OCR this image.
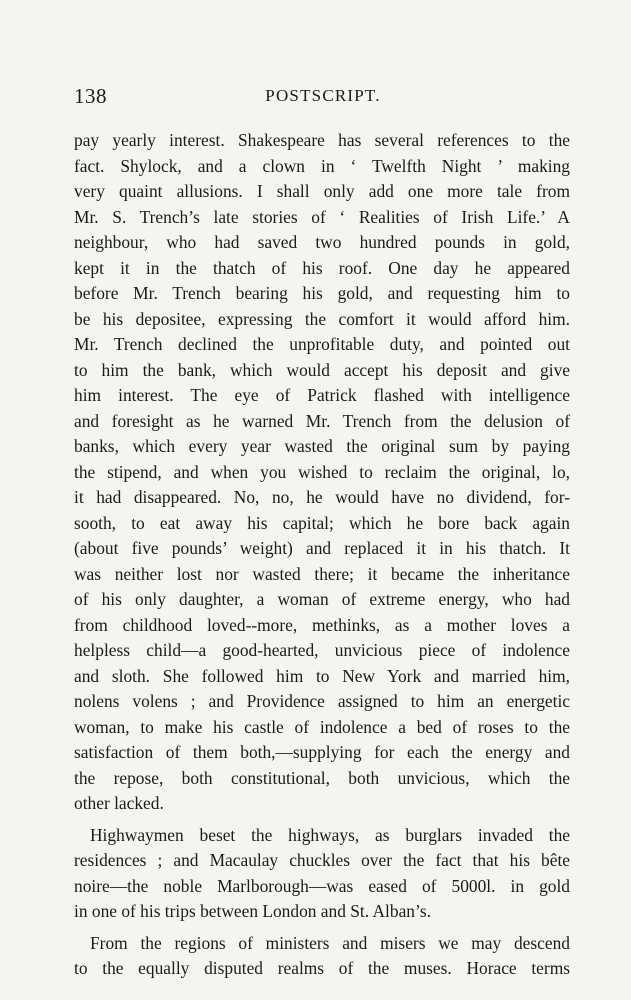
138	POSTSCRIPT.
pay yearly interest. Shakespeare has several references to the
fact. Shylock, and a clown in ‘ Twelfth Night ’ making
very quaint allusions. I shall only add one more tale from
Mr. S. Trench’s late stories of ‘ Realities of Irish Life.’ A
neighbour, who had saved two hundred pounds in gold,
kept it in the thatch of his roof. One day he appeared
before Mr. Trench bearing his gold, and requesting him to
be his depositee, expressing the comfort it would afford him.
Mr. Trench declined the unprofitable duty, and pointed out
to him the bank, which would accept his deposit and give
him interest. The eye of Patrick flashed with intelligence
and foresight as he warned Mr. Trench from the delusion of
banks, which every year wasted the original sum by paying
the stipend, and when you wished to reclaim the original, lo,
it had disappeared. No, no, he would have no dividend, for-
sooth, to eat away his capital; which he bore back again
(about five pounds’ weight) and replaced it in his thatch. It
was neither lost nor wasted there; it became the inheritance
of his only daughter, a woman of extreme energy, who had
from childhood loved--more, methinks, as a mother loves a
helpless child—a good-hearted, unvicious piece of indolence
and sloth. She followed him to New York and married him,
nolens volens ; and Providence assigned to him an energetic
woman, to make his castle of indolence a bed of roses to the
satisfaction of them both,—supplying for each the energy and
the repose, both constitutional, both unvicious, which the
other lacked.
Highwaymen beset the highways, as burglars invaded the
residences ; and Macaulay chuckles over the fact that his bête
noire—the noble Marlborough—was eased of 5000l. in gold
in one of his trips between London and St. Alban’s.
From the regions of ministers and misers we may descend
to the equally disputed realms of the muses. Horace terms
